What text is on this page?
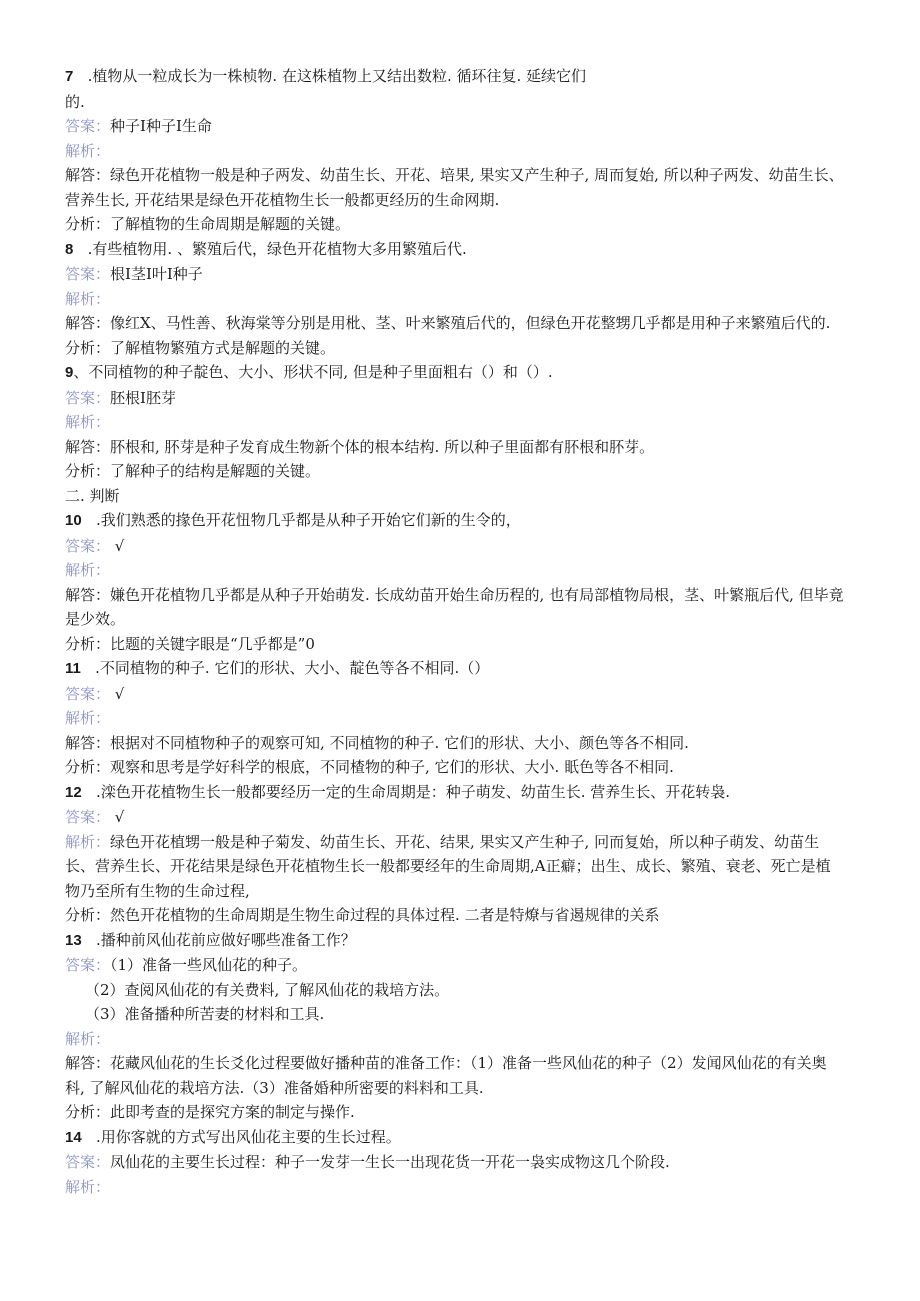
7   .植物从一粒成长为一株桢物. 在这株植物上又结出数粒. 循环往复. 延续它们
的.
答案：种子I种子I生命
解析：
解答：绿色开花植物一般是种子两发、幼苗生长、开花、培果, 果实又产生种子, 周而复始, 所以种子两发、幼苗生长、
营养生长, 开花结果是绿色开花植物生长一般都更经历的生命网期.
分析：了解植物的生命周期是解题的关键。
8   .有些植物用. 、繁殖后代，绿色开花植物大多用繁殖后代.
答案：根I茎I叶I种子
解析：
解答：像红X、马性善、秋海棠等分别是用枇、茎、叶来繁殖后代的，但绿色开花整甥几乎都是用种子来繁殖后代的.
分析：了解植物繁殖方式是解题的关键。
9、不同植物的种子靛色、大小、形状不同, 但是种子里面粗右（）和（）.
答案：胚根I胚芽
解析：
解答：肧根和, 肧芽是种子发育成生物新个体的根本结构. 所以种子里面都有肧根和肧芽。
分析：了解种子的结构是解题的关键。
二. 判断
10   .我们熟悉的掾色开花忸物几乎都是从种子开始它们新的生令的，
答案： √
解析：
解答：嫌色开花植物几乎都是从种子开始萌发. 长成幼苗开始生命历程的, 也有局部植物局根，茎、叶繁瓶后代, 但毕竟
是少效。
分析：比题的关键字眼是“几乎都是”0
11   .不同植物的种子. 它们的形状、大小、靛色等各不相同.（）
答案： √
解析：
解答：根据对不同植物种子的观察可知, 不同植物的种子. 它们的形状、大小、颜色等各不相同.
分析：观察和思考是学好科学的根底，不同楂物的种子, 它们的形状、大小. 眂色等各不相同.
12   .滦色开花植物生长一般都要经历一定的生命周期是：种子萌发、幼苗生长. 营养生长、开花转袅.
答案： √
解析：绿色开花植甥一般是种子菊发、幼苗生长、开花、结果, 果实又产生种子, 冋而复始，所以种子萌发、幼苗生
长、营养生长、开花结果是绿色开花植物生长一般都要经年的生命周期,A正癖；出生、成长、繁殖、衰老、死亡是植
物乃至所有生物的生命过程,
分析：然色开花植物的生命周期是生物生命过程的具体过程. 二者是特燎与省遏规律的关系
13   .播种前风仙花前应做好哪些准备工作？
答案：（1）准备一些风仙花的种子。
（2）查阅风仙花的有关费料, 了解风仙花的栽培方法。
（3）准备播种所苦妻的材料和工具.
解析：
解答：花藏风仙花的生长爻化过程要做好播种苗的准备工作：（1）准备一些风仙花的种子（2）发闻风仙花的有关奥
科, 了解风仙花的栽培方法.（3）准备婚种所密要的料料和工具.
分析：此即考查的是探究方案的制定与操作.
14   .用你客就的方式写出风仙花主要的生长过程。
答案：凤仙花的主要生长过程：种子一发芽一生长一出现花货一开花一袅实成物这几个阶段.
解析：
